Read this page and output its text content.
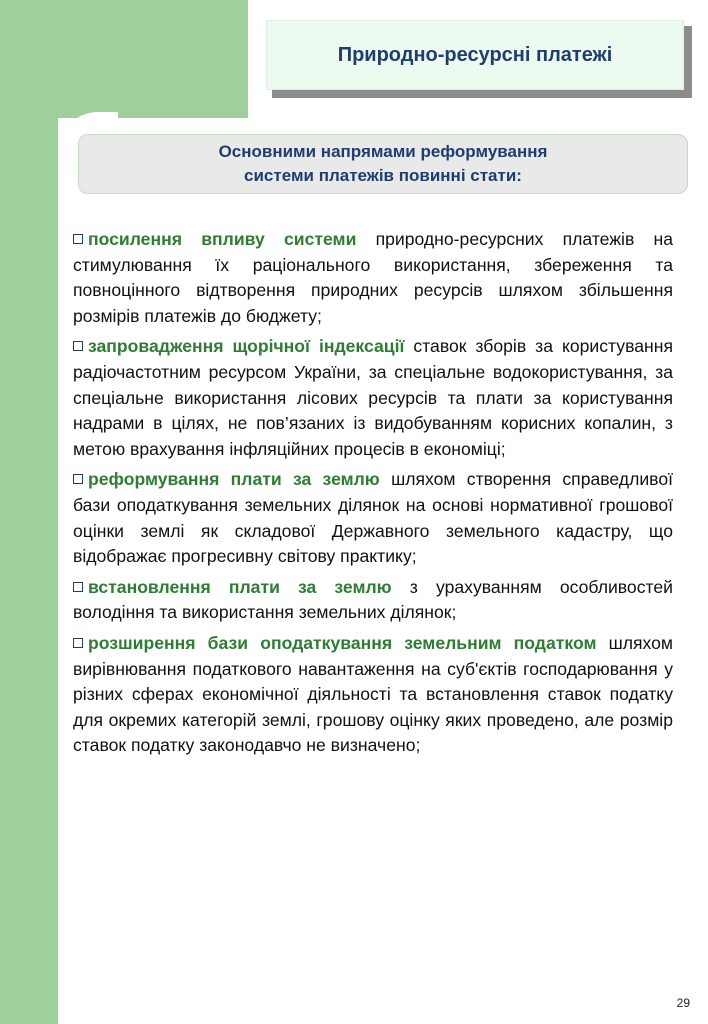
Природно-ресурсні платежі
Основними напрямами реформування
системи платежів повинні стати:

посилення впливу системи природно-ресурсних платежів на стимулювання їх раціонального використання, збереження та повноцінного відтворення природних ресурсів шляхом збільшення розмірів платежів до бюджету;

запровадження щорічної індексації ставок зборів за користування радіочастотним ресурсом України, за спеціальне водокористування, за спеціальне використання лісових ресурсів та плати за користування надрами в цілях, не пов’язаних із видобуванням корисних копалин, з метою врахування інфляційних процесів в економіці;

реформування плати за землю шляхом створення справедливої бази оподаткування земельних ділянок на основі нормативної грошової оцінки землі як складової Державного земельного кадастру, що відображає прогресивну світову практику;

встановлення плати за землю з урахуванням особливостей володіння та використання земельних ділянок;

розширення бази оподаткування земельним податком шляхом вирівнювання податкового навантаження на суб'єктів господарювання у різних сферах економічної діяльності та встановлення ставок податку для окремих категорій землі, грошову оцінку яких проведено, але розмір ставок податку законодавчо не визначено;

29
